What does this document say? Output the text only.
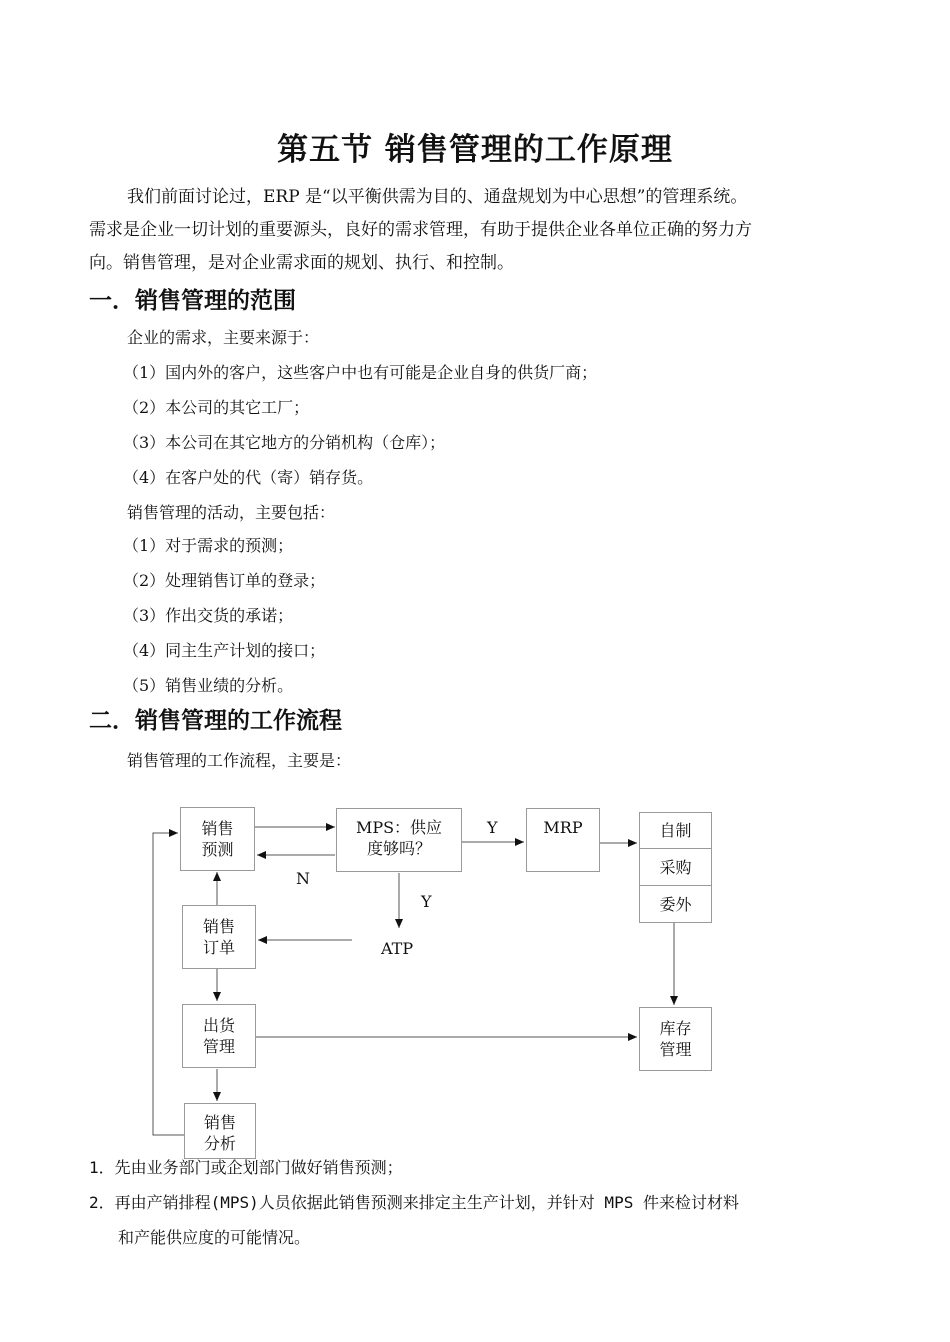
第五节 销售管理的工作原理
我们前面讨论过，ERP 是“以平衡供需为目的、通盘规划为中心思想”的管理系统。
需求是企业一切计划的重要源头，良好的需求管理，有助于提供企业各单位正确的努力方
向。销售管理，是对企业需求面的规划、执行、和控制。
一．销售管理的范围
企业的需求，主要来源于：
（1）国内外的客户，这些客户中也有可能是企业自身的供货厂商；
（2）本公司的其它工厂；
（3）本公司在其它地方的分销机构（仓库）；
（4）在客户处的代（寄）销存货。
销售管理的活动，主要包括：
（1）对于需求的预测；
（2）处理销售订单的登录；
（3）作出交货的承诺；
（4）同主生产计划的接口；
（5）销售业绩的分析。
二．销售管理的工作流程
销售管理的工作流程，主要是：
销售
预测
MPS：供应
度够吗？
MRP	自制
采购
委外
销售
订单	ATP
出货
管理
库存
管理
销售
分析
N
Y
Y
1．先由业务部门或企划部门做好销售预测；
2．再由产销排程(MPS)人员依据此销售预测来排定主生产计划，并针对 MPS 件来检讨材料
和产能供应度的可能情况。
